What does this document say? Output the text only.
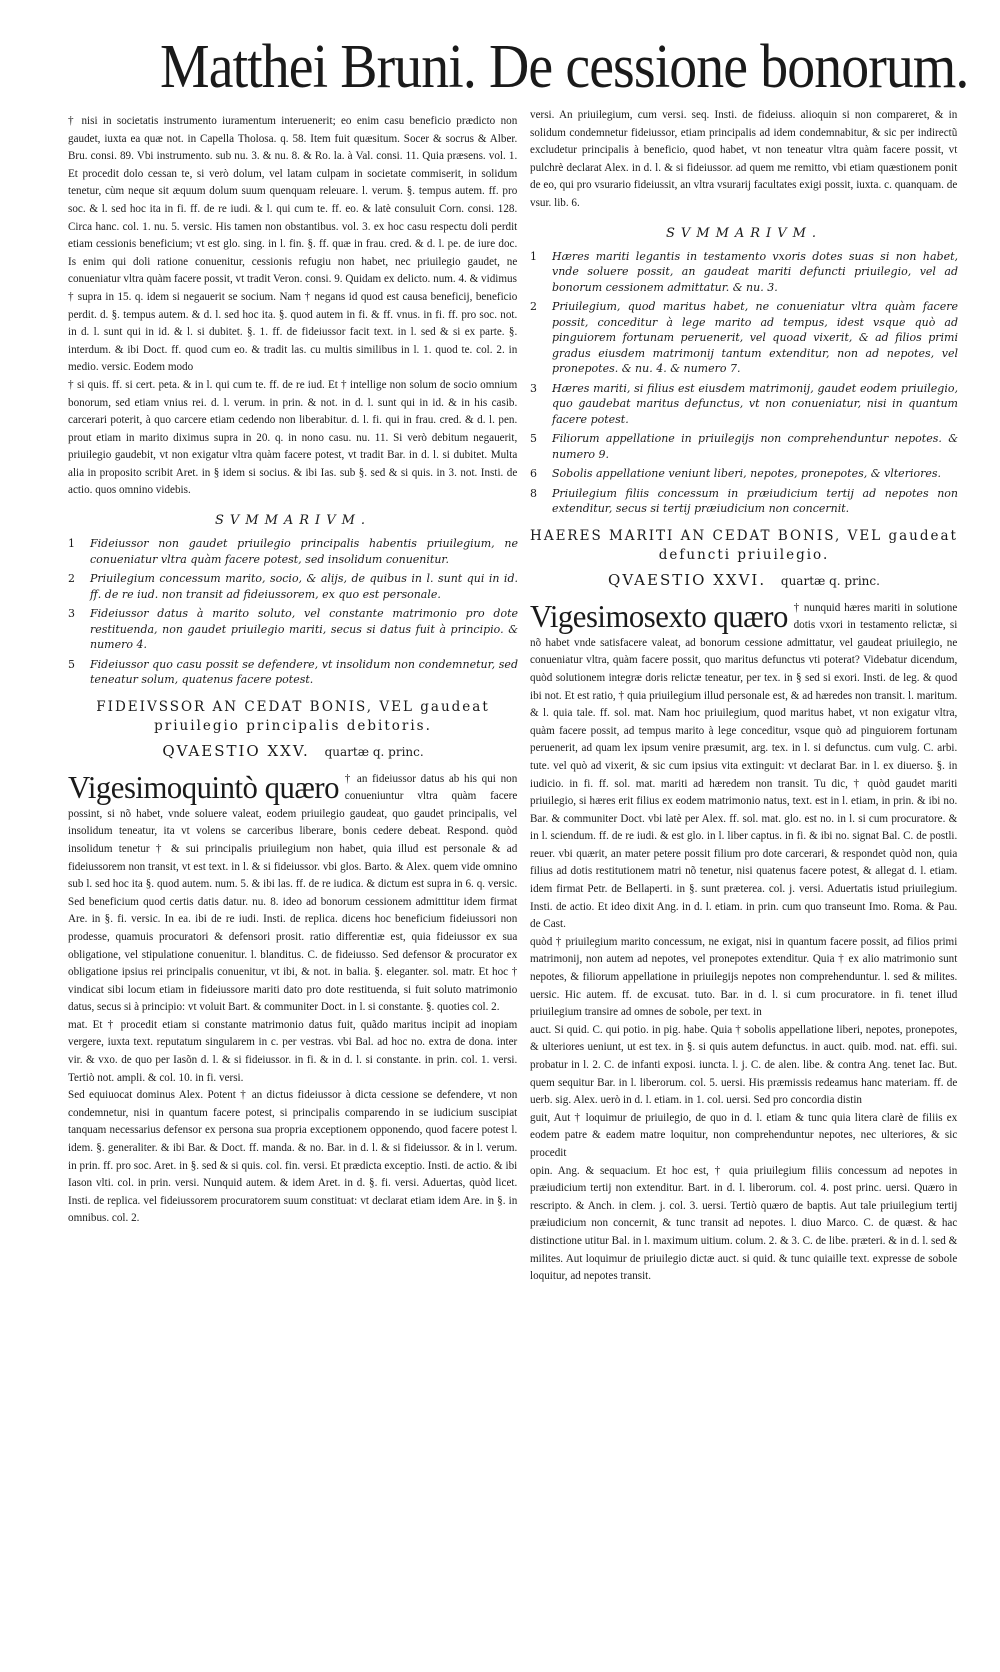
Matthei Bruni. De cessione bonorum.

† nisi in societatis instrumento iuramentum interuenerit; eo enim casu beneficio prædicto non gaudet, iuxta ea quæ not. in Capella Tholosa. q. 58. Item fuit quæsitum. Socer & socrus & Alber. Bru. consi. 89. Vbi instrumento. sub nu. 3. & nu. 8. & Ro. la. à Val. consi. 11. Quia præsens. vol. 1. Et procedit dolo cessan te, si verò dolum, vel latam culpam in societate commiserit, in solidum tenetur, cùm neque sit æquum dolum suum quenquam releuare. l. verum. §. tempus autem. ff. pro soc. & l. sed hoc ita in fi. ff. de re iudi. & l. qui cum te. ff. eo. & latè consuluit Corn. consi. 128. Circa hanc. col. 1. nu. 5. versic. His tamen non obstantibus. vol. 3. ex hoc casu respectu doli perdit etiam cessionis beneficium; vt est glo. sing. in l. fin. §. ff. quæ in frau. cred. & d. l. pe. de iure doc. Is enim qui doli ratione conuenitur, cessionis refugiu non habet, nec priuilegio gaudet, ne conueniatur vltra quàm facere possit, vt tradit Veron. consi. 9. Quidam ex delicto. num. 4. & vidimus

† supra in 15. q. idem si negauerit se socium. Nam † negans id quod est causa beneficij, beneficio perdit. d. §. tempus autem. & d. l. sed hoc ita. §. quod autem in fi. & ff. vnus. in fi. ff. pro soc. not. in d. l. sunt qui in id. & l. si dubitet. §. 1. ff. de fideiussor facit text. in l. sed & si ex parte. §. interdum. & ibi Doct. ff. quod cum eo. & tradit las. cu multis similibus in l. 1. quod te. col. 2. in medio. versic. Eodem modo

† si quis. ff. si cert. peta. & in l. qui cum te. ff. de re iud. Et † intellige non solum de socio omnium bonorum, sed etiam vnius rei. d. l. verum. in prin. & not. in d. l. sunt qui in id. & in his casib. carcerari poterit, à quo carcere etiam cedendo non liberabitur. d. l. fi. qui in frau. cred. & d. l. pen. prout etiam in marito diximus supra in 20. q. in nono casu. nu. 11. Si verò debitum negauerit, priuilegio gaudebit, vt non exigatur vltra quàm facere potest, vt tradit Bar. in d. l. si dubitet. Multa alia in proposito scribit Aret. in § idem si socius. & ibi Ias. sub §. sed & si quis. in 3. not. Insti. de actio. quos omnino videbis.

SVMMARIVM.
1 Fideiussor non gaudet priuilegio principalis habentis priuilegium, ne conueniatur vltra quàm facere potest, sed insolidum conuenitur.
2 Priuilegium concessum marito, socio, & alijs, de quibus in l. sunt qui in id. ff. de re iud. non transit ad fideiussorem, ex quo est personale.
3 Fideiussor datus à marito soluto, vel constante matrimonio pro dote restituenda, non gaudet priuilegio mariti, secus si datus fuit à principio. & numero 4.
5 Fideiussor quo casu possit se defendere, vt insolidum non condemnetur, sed teneatur solum, quatenus facere potest.
FIDEIVSSOR AN CEDAT BONIS, VEL gaudeat priuilegio principalis debitoris.
QVAESTIO XXV. quartæ q. princ.

Vigesimoquintò quæro † an fideiussor datus ab his qui non conueniuntur vltra quàm facere possint, si nõ habet, vnde soluere valeat, eodem priuilegio gaudeat, quo gaudet principalis, vel insolidum teneatur, ita vt volens se carceribus liberare, bonis cedere debeat. Respond. quòd insolidum tenetur † & sui principalis priuilegium non habet, quia illud est personale & ad fideiussorem non transit, vt est text. in l. & si fideiussor. vbi glos. Barto. & Alex. quem vide omnino sub l. sed hoc ita §. quod autem. num. 5. & ibi las. ff. de re iudica. & dictum est supra in 6. q. versic. Sed beneficium quod certis datis datur. nu. 8. ideo ad bonorum cessionem admittitur idem firmat Are. in §. fi. versic. In ea. ibi de re iudi. Insti. de replica. dicens hoc beneficium fideiussori non prodesse, quamuis procuratori & defensori prosit. ratio differentiæ est, quia fideiussor ex sua obligatione, vel stipulatione conuenitur. l. blanditus. C. de fideiusso. Sed defensor & procurator ex obligatione ipsius rei principalis conuenitur, vt ibi, & not. in balia. §. eleganter. sol. matr. Et hoc † vindicat sibi locum etiam in fideiussore mariti dato pro dote restituenda, si fuit soluto matrimonio datus, secus si à principio: vt voluit Bart. & communiter Doct. in l. si constante. §. quoties col. 2.

mat. Et † procedit etiam si constante matrimonio datus fuit, quãdo maritus incipit ad inopiam vergere, iuxta text. reputatum singularem in c. per vestras. vbi Bal. ad hoc no. extra de dona. inter vir. & vxo. de quo per Iasõn d. l. & si fideiussor. in fi. & in d. l. si constante. in prin. col. 1. versi. Tertiò not. ampli. & col. 10. in fi. versi.

Sed equiuocat dominus Alex. Potent † an dictus fideiussor à dicta cessione se defendere, vt non condemnetur, nisi in quantum facere potest, si principalis comparendo in se iudicium suscipiat tanquam necessarius defensor ex persona sua propria exceptionem opponendo, quod facere potest l. idem. §. generaliter. & ibi Bar. & Doct. ff. manda. & no. Bar. in d. l. & si fideiussor. & in l. verum. in prin. ff. pro soc. Aret. in §. sed & si quis. col. fin. versi. Et prædicta exceptio. Insti. de actio. & ibi Iason vlti. col. in prin. versi. Nunquid autem. & idem Aret. in d. §. fi. versi. Aduertas, quòd licet. Insti. de replica. vel fideiussorem procuratorem suum constituat: vt declarat etiam idem Are. in §. in omnibus. col. 2.

versi. An priuilegium, cum versi. seq. Insti. de fideiuss. alioquin si non compareret, & in solidum condemnetur fideiussor, etiam principalis ad idem condemnabitur, & sic per indirectũ excludetur principalis à beneficio, quod habet, vt non teneatur vltra quàm facere possit, vt pulchrè declarat Alex. in d. l. & si fideiussor. ad quem me remitto, vbi etiam quæstionem ponit de eo, qui pro vsurario fideiussit, an vltra vsurarij facultates exigi possit, iuxta. c. quanquam. de vsur. lib. 6.

SVMMARIVM.
1 Hæres mariti legantis in testamento vxoris dotes suas si non habet, vnde soluere possit, an gaudeat mariti defuncti priuilegio, vel ad bonorum cessionem admittatur. & nu. 3.
2 Priuilegium, quod maritus habet, ne conueniatur vltra quàm facere possit, conceditur à lege marito ad tempus, idest vsque quò ad pinguiorem fortunam peruenerit, vel quoad vixerit, & ad filios primi gradus eiusdem matrimonij tantum extenditur, non ad nepotes, vel pronepotes. & nu. 4. & numero 7.
3 Hæres mariti, si filius est eiusdem matrimonij, gaudet eodem priuilegio, quo gaudebat maritus defunctus, vt non conueniatur, nisi in quantum facere potest.
5 Filiorum appellatione in priuilegijs non comprehenduntur nepotes. & numero 9.
6 Sobolis appellatione veniunt liberi, nepotes, pronepotes, & vlteriores.
8 Priuilegium filiis concessum in præiudicium tertij ad nepotes non extenditur, secus si tertij præiudicium non concernit.
HAERES MARITI AN CEDAT BONIS, VEL gaudeat defuncti priuilegio.
QVAESTIO XXVI. quartæ q. princ.

Vigesimosexto quæro † nunquid hæres mariti in solutione dotis vxori in testamento relictæ, si nõ habet vnde satisfacere valeat, ad bonorum cessione admittatur, vel gaudeat priuilegio, ne conueniatur vltra, quàm facere possit, quo maritus defunctus vti poterat? Videbatur dicendum, quòd solutionem integræ doris relictæ teneatur, per tex. in § sed si exori. Insti. de leg. & quod ibi not. Et est ratio, † quia priuilegium illud personale est, & ad hæredes non transit. l. maritum. & l. quia tale. ff. sol. mat. Nam hoc priuilegium, quod maritus habet, vt non exigatur vltra, quàm facere possit, ad tempus marito à lege conceditur, vsque quò ad pinguiorem fortunam peruenerit, ad quam lex ipsum venire præsumit, arg. tex. in l. si defunctus. cum vulg. C. arbi. tute. vel quò ad vixerit, & sic cum ipsius vita extinguit: vt declarat Bar. in l. ex diuerso. §. in iudicio. in fi. ff. sol. mat. mariti ad hæredem non transit. Tu dic, † quòd gaudet mariti priuilegio, si hæres erit filius ex eodem matrimonio natus, text. est in l. etiam, in prin. & ibi no. Bar. & communiter Doct. vbi latè per Alex. ff. sol. mat. glo. est no. in l. si cum procuratore. & in l. sciendum. ff. de re iudi. & est glo. in l. liber captus. in fi. & ibi no. signat Bal. C. de postli. reuer. vbi quærit, an mater petere possit filium pro dote carcerari, & respondet quòd non, quia filius ad dotis restitutionem matri nõ tenetur, nisi quatenus facere potest, & allegat d. l. etiam. idem firmat Petr. de Bellaperti. in §. sunt præterea. col. j. versi. Aduertatis istud priuilegium. Insti. de actio. Et ideo dixit Ang. in d. l. etiam. in prin. cum quo transeunt Imo. Roma. & Pau. de Cast.

quòd † priuilegium marito concessum, ne exigat, nisi in quantum facere possit, ad filios primi matrimonij, non autem ad nepotes, vel pronepotes extenditur. Quia † ex alio matrimonio sunt nepotes, & filiorum appellatione in priuilegijs nepotes non comprehenduntur. l. sed & milites. uersic. Hic autem. ff. de excusat. tuto. Bar. in d. l. si cum procuratore. in fi. tenet illud priuilegium transire ad omnes de sobole, per text. in

auct. Si quid. C. qui potio. in pig. habe. Quia † sobolis appellatione liberi, nepotes, pronepotes, & ulteriores ueniunt, ut est tex. in §. si quis autem defunctus. in auct. quib. mod. nat. effi. sui. probatur in l. 2. C. de infanti exposi. iuncta. l. j. C. de alen. libe. & contra Ang. tenet Iac. But. quem sequitur Bar. in l. liberorum. col. 5. uersi. His præmissis redeamus hanc materiam. ff. de uerb. sig. Alex. uerò in d. l. etiam. in 1. col. uersi. Sed pro concordia distin

guit, Aut † loquimur de priuilegio, de quo in d. l. etiam & tunc quia litera clarè de filiis ex eodem patre & eadem matre loquitur, non comprehenduntur nepotes, nec ulteriores, & sic procedit

opin. Ang. & sequacium. Et hoc est, † quia priuilegium filiis concessum ad nepotes in præiudicium tertij non extenditur. Bart. in d. l. liberorum. col. 4. post princ. uersi. Quæro in rescripto. & Anch. in clem. j. col. 3. uersi. Tertiò quæro de baptis. Aut tale priuilegium tertij præiudicium non concernit, & tunc transit ad nepotes. l. diuo Marco. C. de quæst. & hac distinctione utitur Bal. in l. maximum uitium. colum. 2. & 3. C. de libe. præteri. & in d. l. sed & milites. Aut loquimur de priuilegio dictæ auct. si quid. & tunc quiaille text. expresse de sobole loquitur, ad nepotes transit.
